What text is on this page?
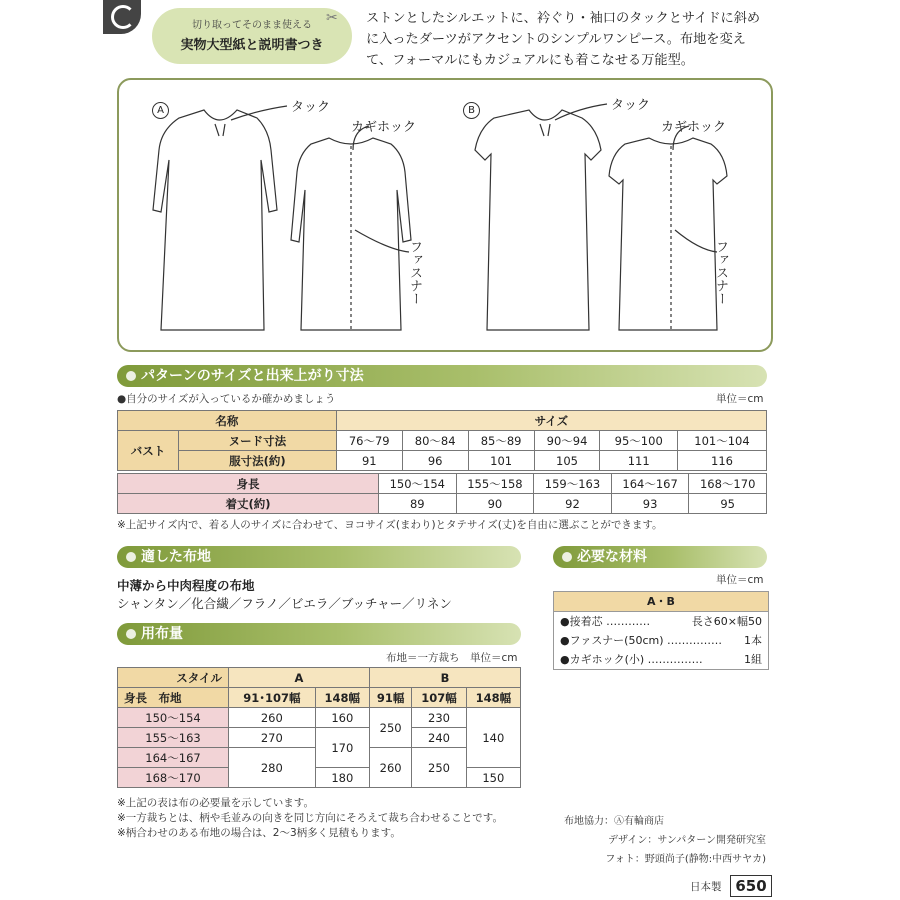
切り取ってそのまま使える
実物大型紙と説明書つき
✂ ストンとしたシルエットに、衿ぐり・袖口のタックとサイドに斜めに入ったダーツがアクセントのシンプルワンピース。布地を変えて、フォーマルにもカジュアルにも着こなせる万能型。
A	B
タック
カギホック
ファスナー
タック
カギホック
ファスナー
パターンのサイズと出来上がり寸法
●自分のサイズが入っているか確かめましょう	単位＝cm
名称		サイズ					
バスト	ヌード寸法	76〜79	80〜84	85〜89	90〜94	95〜100	101〜104
	服寸法(約)	91	96	101	105	111	116
身長	150〜154	155〜158	159〜163	164〜167	168〜170
着丈(約)	89	90	92	93	95
※上記サイズ内で、着る人のサイズに合わせて、ヨコサイズ(まわり)とタテサイズ(丈)を自由に選ぶことができます。
適した布地
中薄から中肉程度の布地
シャンタン／化合繊／フラノ／ビエラ／ブッチャー／リネン
必要な材料
単位＝cm
A・B
●接着芯 …………	長さ60×幅50
●ファスナー(50cm) …………… 1本
●カギホック(小) ……………	1組
用布量
布地＝一方裁ち　単位＝cm
スタイル	A		B		
身長　 布地	91･107幅	148幅	91幅	107幅	148幅
150〜154	260	160	250	230	140
155〜163	270	170		240	
164〜167	280		260	250	
168〜170		180			150
※上記の表は布の必要量を示しています。
※一方裁ちとは、柄や毛並みの向きを同じ方向にそろえて裁ち合わせることです。
※柄合わせのある布地の場合は、2〜3柄多く見積もります。
布地協力：Ⓐ有輪商店
デザイン：サンパターン開発研究室
フォト：野頭尚子(静物:中西サヤカ)
日本製 650
